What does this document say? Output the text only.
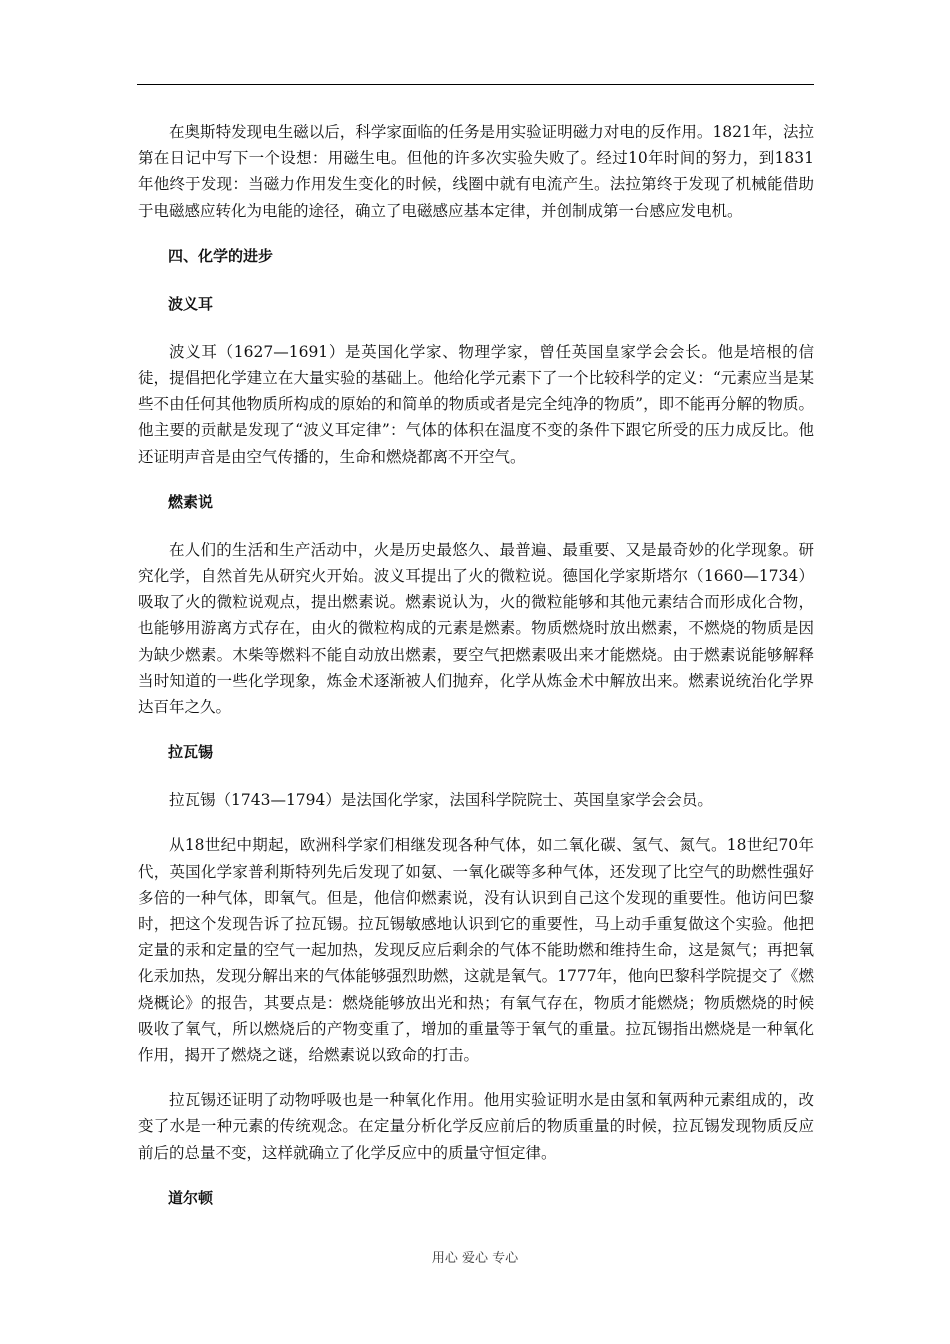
在奥斯特发现电生磁以后，科学家面临的任务是用实验证明磁力对电的反作用。1821年，法拉第在日记中写下一个设想：用磁生电。但他的许多次实验失败了。经过10年时间的努力，到1831年他终于发现：当磁力作用发生变化的时候，线圈中就有电流产生。法拉第终于发现了机械能借助于电磁感应转化为电能的途径，确立了电磁感应基本定律，并创制成第一台感应发电机。

四、化学的进步
波义耳

波义耳（1627—1691）是英国化学家、物理学家，曾任英国皇家学会会长。他是培根的信徒，提倡把化学建立在大量实验的基础上。他给化学元素下了一个比较科学的定义：“元素应当是某些不由任何其他物质所构成的原始的和简单的物质或者是完全纯净的物质”，即不能再分解的物质。他主要的贡献是发现了“波义耳定律”：气体的体积在温度不变的条件下跟它所受的压力成反比。他还证明声音是由空气传播的，生命和燃烧都离不开空气。

燃素说

在人们的生活和生产活动中，火是历史最悠久、最普遍、最重要、又是最奇妙的化学现象。研究化学，自然首先从研究火开始。波义耳提出了火的微粒说。德国化学家斯塔尔（1660—1734）吸取了火的微粒说观点，提出燃素说。燃素说认为，火的微粒能够和其他元素结合而形成化合物，也能够用游离方式存在，由火的微粒构成的元素是燃素。物质燃烧时放出燃素，不燃烧的物质是因为缺少燃素。木柴等燃料不能自动放出燃素，要空气把燃素吸出来才能燃烧。由于燃素说能够解释当时知道的一些化学现象，炼金术逐渐被人们抛弃，化学从炼金术中解放出来。燃素说统治化学界达百年之久。

拉瓦锡

拉瓦锡（1743—1794）是法国化学家，法国科学院院士、英国皇家学会会员。

从18世纪中期起，欧洲科学家们相继发现各种气体，如二氧化碳、氢气、氮气。18世纪70年代，英国化学家普利斯特列先后发现了如氨、一氧化碳等多种气体，还发现了比空气的助燃性强好多倍的一种气体，即氧气。但是，他信仰燃素说，没有认识到自己这个发现的重要性。他访问巴黎时，把这个发现告诉了拉瓦锡。拉瓦锡敏感地认识到它的重要性，马上动手重复做这个实验。他把定量的汞和定量的空气一起加热，发现反应后剩余的气体不能助燃和维持生命，这是氮气；再把氧化汞加热，发现分解出来的气体能够强烈助燃，这就是氧气。1777年，他向巴黎科学院提交了《燃烧概论》的报告，其要点是：燃烧能够放出光和热；有氧气存在，物质才能燃烧；物质燃烧的时候吸收了氧气，所以燃烧后的产物变重了，增加的重量等于氧气的重量。拉瓦锡指出燃烧是一种氧化作用，揭开了燃烧之谜，给燃素说以致命的打击。

拉瓦锡还证明了动物呼吸也是一种氧化作用。他用实验证明水是由氢和氧两种元素组成的，改变了水是一种元素的传统观念。在定量分析化学反应前后的物质重量的时候，拉瓦锡发现物质反应前后的总量不变，这样就确立了化学反应中的质量守恒定律。

道尔顿
用心 爱心 专心
